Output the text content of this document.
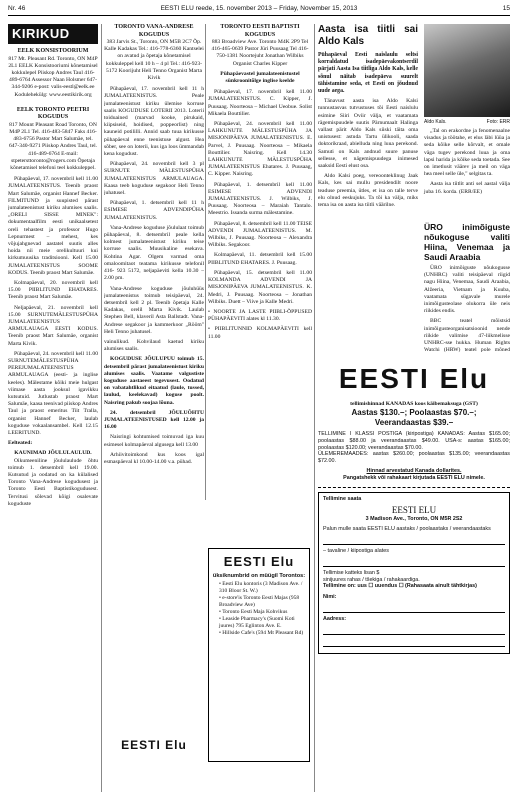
Nr. 46	EESTI ELU reede, 15. november 2013 – Friday, November 15, 2013	15
KIRIKUD
EELK KONSISTOORIUM
817 Mt. Pleasant Rd. Toronto, ON M4P 2L1 EELK Konsistooriumi kõnetamisel kokkulepel Piiskop Andres Taul 416-489-6764 Assessor Naan Holsmer 647-344-9206 e-post: valis-eestl@eelk.ee Kodulehekülg: www.eestikirik.org
EELK TORONTO PEETRI KOGUDUS
817 Mount Pleasant Road Toronto, ON M4P 2L1 Tel. 416-483-5847 Faks 416-483-6756 Pastor Mart Salumäe, tel. 647-340-9271 Piiskop Andres Taul, tel. 416-489-6764 E-mail: stpetersttoronto@rogers.com Õpetaja kõnetamisel telefoni teel kokkuleppel.

Pühapäeval, 17. novembril kell 11.00 JUMALATEENISTUS. Teenib praost Mart Salumäe, organist Hannef Becker. FILMITUND ja suupisted pärast jumalateenistust kiriku alumises saalis. „ORELI SISSE MINEK": dokumentaalfilm eesti unikaalsetest oreli tehastest ja professor Hugo Lepnurmest – mehest, kes võjujahgnevad aastatel suutis alles hoida nii meie orelikultuuri kui kirkumuusika traditsiooni. Kell 15.00 JUMALATEENISTUS SOOME KODUS. Teenib praost Mart Salumäe.

Kolmapäeval, 20. novembril kell 15.00 PIIBLITUND EHATARES. Teenib praost Mart Salumäe.

Neljapäeval, 21. novembril kell 15.00 SURNUTEMÄLESTUSPÜHA JUMALATEENISTUS ARMULAUAGA EESTI KODUS. Teenib praost Mart Salumäe, organist Marta Kivik.

Pühapäeval, 24. novembril kell 11.00 SURNUTEMÄLESTUSPÜHA PEREJUMALATEENISTUS ARMULAUAGA (eesti- ja inglise keeles). Mälestame kõiki meie hulgast viimase aasta jooksul igavikku kutsutuid. Jutlustab praost Mart Salumäe, kaasa teenivad piiskop Andres Taul ja praost emeritus Tiit Tralla, organist Hannef Becker, laulab koguduse vokaalansambel. Kell 12.15 LEERITUND.

Eelteated:

KAUNIMAD JÕULULAULUD.

Oikumeeniline jõululaulude õhtu toimub 1. detsembril kell 19.00. Kutsutud ja oodatud on ka külalised Toronto Vana-Andrese kogudusest ja Toronto Eesti Baptistikogudusest. Tervitusi sõlevad kõigi osalevate koguduste

TORONTO VANA-ANDRESE KOGUDUS
383 Jarvis St., Toronto, ON M5B 2C7 Õp. Kalle Kadakas Tel.: 416-778-6360 Kantselei on avatud ja õpetaja kõnetamisel kokkuleppel kell 10 h – 4 pl Tel.: 416-923-5172 Koorijuht Heli Tenno Organist Marta Kivik

Pühapäeval, 17. novembril kell 11 h JUMALATEENISTUS. Peale jumalateenistust kiriku ülemise korruse saalis KOGUDUSE LOTERII 2013. Loterii toiduained (marvad kooke, pirukaid, kiipsiseid, hoidised, poppeorlist) ning kauneid potililli. Annid saab tuua kirikusse pühapäeval enne teenistuse algust. Hea sõber, see on loterii, kus iga loos ümmandab kena kogudust.

Pühapäeval, 24. novembril kell 3 pl SURNUTE MÄLESTUSPÜHA JUMALATEENISTUS ARMULAUAGA. Kaasa teeb koguduse segakoor Heli Tenno juhatusel.

Pühapäeval, 1. detsembril kell 11 h ESIMESE ADVENDIPÜHA JUMALATEENISTUS.

Vana-Andrese koguduse jõululaat toimub pühapäeval, 8. detsembril peale kella kolmest jumalateenistust kiriku teise korruse saalis. Muusikaline esekava. Kohtina Agar. Olgem varmad oma omaloomitaot teatama kirikusse telefonil 416- 923 5172, neljapäeviti kella 10.30 – 2.00 pm.

Vana-Andrese koguduse jõuluhüüs jumalateenistus toimub teisipäeval, 24. detsembril kell 2 pl. Teenib õpetaja Kalle Kadakas, orelil Marta Kivik. Laulab Stephen Bell, klaveril Asta Ballstadt. Vana-Andrese segakoor ja kammerkoor „Rööm" Heli Tenno juhatusel.

vainulikud. Kohvilaud kaetud kiriku alumises saalis.

KOGUDUSE JÕULUPUU toimub 15. detsembril pärast jumalateenistust kiriku alumises saalis. Vaatame valgustiste koguduse aastaeest tegevusest. Oodatud on vabatahtlikud eitaatud (laule, tussed, laulud, keelekavad) koguse poolt. Naisring pakub soojaa lõuna.

24. detsembril JÕULUÕHTU JUMALATEENISTUSED kell 12.00 ja 16.00

Naisringi kohtumised toimuvad iga kuu esimesel kolmapäeval algusega kell 13.00

Arhiivitoimkond kus koos igal esmaspäeval kl 10.00-14.00 v.a. pühad.

EESTI Elu
TORONTO EESTI BAPTISTI KOGUDUS
883 Broadview Ave. Toronto M4K 2P9 Tel 416-465-0639 Pastor Jüri Puusaag Tel 416-750-1381 Noortejuht Jonathan Wilbiks Organist Charles Kipper
Pühapäevastel jumalateenistustel sünkroonitõlge inglise keelde

Pühapäeval, 17. novembril kell 11.00 JUMALATEENISTUS. C. Kipper, J. Puusaag. Noorteosa – Michael Ueobue. Solist Mikaela Bouttilier.

Pühapäeval, 24. novembril kell 11.00 LAHKUNUTE MÄLESTUSPÜHA JA MISJONIPÄEVA JUMALATEENISTUS. E. Parvel, J. Puusaag. Noorteosa – Mikaela Bouttilier. Naisring. Kell 14.30 LAHKUNUTE MÄLESTUSPÜHA JUMALATEENISTUS Ehatares. J. Puusaag, C. Kipper. Naisring.

Pühapäeval, 1. detsembril kell 11.00 ESIMESE ADVENDI JUMALATEENISTUS. J. Wilbiks, J. Puusaag. Noorteosa – Maraiah Tantalo. Meestrio. Issanda surma mälestamine.

Pühapäeval, 8. detsembril kell 11.00 TEISE ADVENDI JUMALATEENISTUS. M. Wilbiks, J. Puusaag. Noorteosa – Alexandra Wilbiks. Segakoor.

Kolmapäeval, 11. detsembril kell 15.00 PIIBLITUND EHATARES. J. Puusaag.

Pühapäeval, 15. detsembril kell 11.00 KOLMANDA ADVENDI JA MISJONIPÄEVA JUMALATEENISTUS. K. Medri, J. Puusaag. Noorteosa – Jonathan Wilbiks. Duett – Viive ja Kalle Medri.

• NOORTE JA LASTE PIIBLI-ÕPPUSED PÜHAPÄEVITI alates kl 11.30.

• PIIBLITUNNID KOLMAPÄEVITI kell 11.00

EESTI Elu
üksiknumbrid on müügil Torontos:
• Eesti Elu kontoris (3 Madison Ave. / 310 Bloor St. W.)
• e-store'is Toronto Eesti Majas (958 Broadview Ave)
• Toronto Eesti Maja Kohvikus
• Leaside Pharmacy's (Suomi Koti juures) 795 Eglinton Ave. E.
• Hillside Cafe's (594 Mt Pleasant Rd)
Aasta isa tiitli sai Aldo Kals

Pühapäeval Eesti naislaulu seltsi korraldatud isadepäevakontserdil pärjati Aasta Isa tiitliga Aldo Kals, kelle sõnul näitab isadepäeva suurelt tähistamine seda, et Eesti on jõudnud uude aega.

Tänavust aasta isa Aldo Kalsi tunnustasvas tutvustuses tõi Eesti naislulu esimine Siiri Oviir välja, et vaatamata rägemispuudele suutis Pärnumaalt Halinga vallast pärit Aldo Kals siiski täita oma unistusest: astuda Tartu ülikooli, saada doktorikraad, abielluda ning luua perekond. Samuti on Kals andnud suure panuse sellesse, et nägemispuudega inimesed saaksid Eesti elust osa.

Aldo Kalsi poeg, vereoonteklinug Jaak Kals, kes sai mullu presidendilt noore teaduse preemia, ütles, et isa on talle terve elu olnud eeskujuks. Ta tõi ka välja, miks tema isa on aasta isa tiitli väärilne.

Aldo Kals.	Foto: ERR

„Tal on erakordne ja fenomenaalne visadus ja töötahe, et elus läbi lüüa ja seda kõike selle kõrvalt, et omale väga tugev perekond luua ja oma lapsi harida ja kõike seda toetada. See on imetlusit väärev ja meil on väga hea meel selle üle," selgitas ta.

Aasta isa tiitlit anti sel aastal välja juba 16. korda. (ERR/EE)

ÜRO inimõiguste nõukoguse valiti Hiina, Venemaa ja Saudi Araabia

ÜRO inimõiguste nõukogusse (UNHRC) valiti teisipäeval riigid nagu Hiina, Venemaa, Saudi Araabia, Alžeeria, Vietnam ja Kuuba, vaatamata sügavale murele inimõigusteolase olukorra üle neis riikides endis.

BBC teatel mõistsid inimõigusteorganisatsioonid nende riikide valimise 47-liikmelisse UNHRC-sse hukka. Human Rights Watchi (HRW) teatel pole mõned

EESTI Elu
tellimishinnad KANADAS koos käibemaksuga (GST)
Aastas $130.–; Poolaastas $70.–;
Veerandaastas $39.–
TELLIMINE I KLASSI POSTIGA (kiripostiga) KANADAS: Aastas $165.00; poolaastas $88.00 ja veerandaastas $49.00. USA-s: aastas $165.00; poolaastas $120.00; veerandaastas $70.00.
ÜLEMEREMAADES: aastas $260.00; poolaastas $135.00; veerandaastas $72.00.
Hinnad arvestatud Kanada dollarites.
Pangatshekk või rahakaart kirjutada EESTI ELU nimele.
Tellimine saata
EESTI ELU
3 Madison Ave., Toronto, ON M5R 2S2
Palun mulle saata EESTI ELU aastaks / poolaastaks / veerandaastaks
– tavaline / kiipostiga alates
Tellimise katteks lisan $
sinijuures rahas / tšekiga / rahakaardiga.
Tellimine on: uus ☐ uuendus ☐ (Rahasaata ainult tähtkirjas)
Nimi:
Aadress:
